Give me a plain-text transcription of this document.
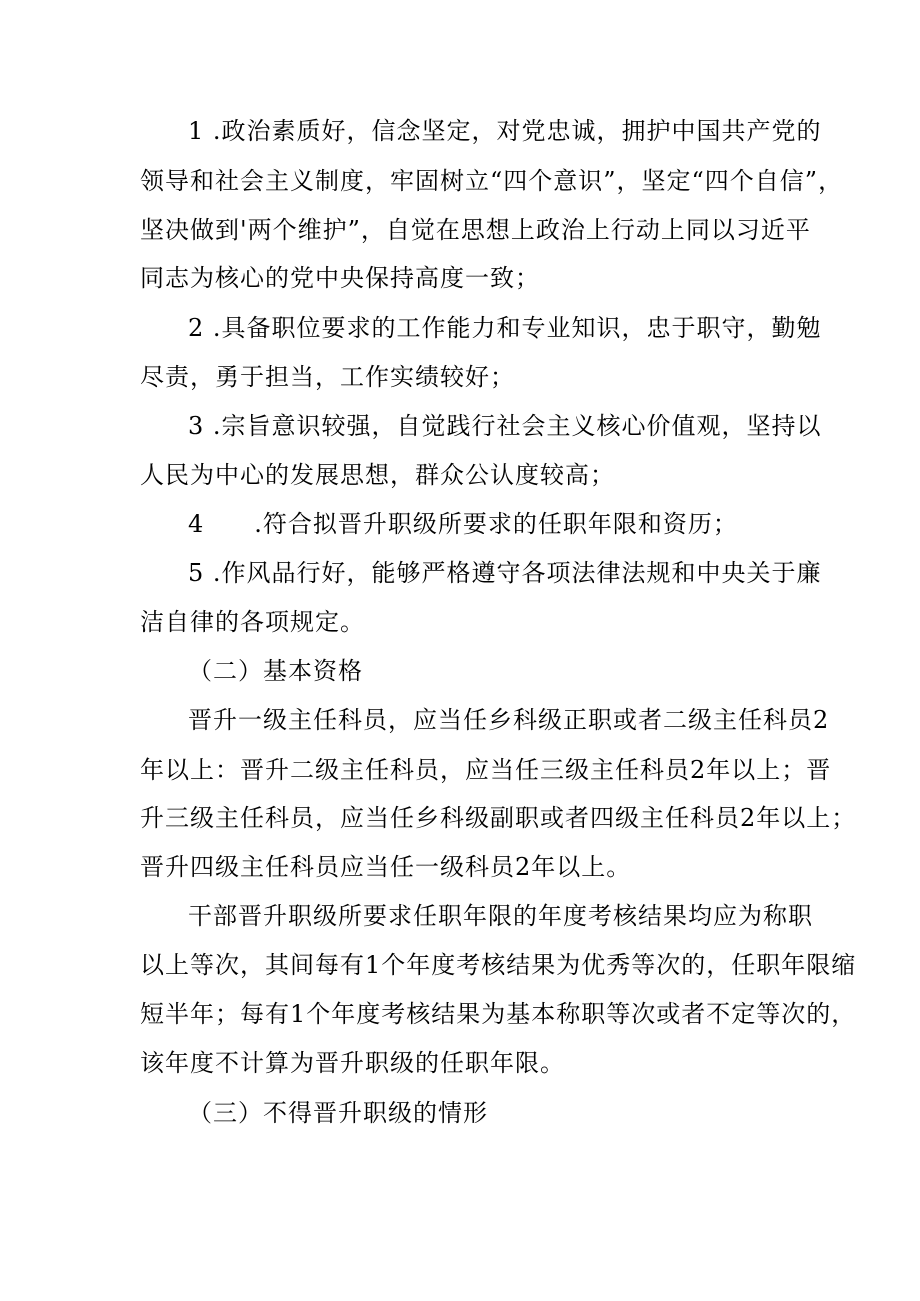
1 .政治素质好，信念坚定，对党忠诚，拥护中国共产党的
领导和社会主义制度，牢固树立“四个意识”，坚定“四个自信”，
坚决做到'两个维护”，自觉在思想上政治上行动上同以习近平
同志为核心的党中央保持高度一致；
2 .具备职位要求的工作能力和专业知识，忠于职守，勤勉
尽责，勇于担当，工作实绩较好；
3 .宗旨意识较强，自觉践行社会主义核心价值观，坚持以
人民为中心的发展思想，群众公认度较高；
4　　.符合拟晋升职级所要求的任职年限和资历；
5 .作风品行好，能够严格遵守各项法律法规和中央关于廉
洁自律的各项规定。
（二）基本资格
晋升一级主任科员，应当任乡科级正职或者二级主任科员2
年以上：晋升二级主任科员，应当任三级主任科员2年以上；晋
升三级主任科员，应当任乡科级副职或者四级主任科员2年以上；
晋升四级主任科员应当任一级科员2年以上。
干部晋升职级所要求任职年限的年度考核结果均应为称职
以上等次，其间每有1个年度考核结果为优秀等次的，任职年限缩
短半年；每有1个年度考核结果为基本称职等次或者不定等次的，
该年度不计算为晋升职级的任职年限。
（三）不得晋升职级的情形
